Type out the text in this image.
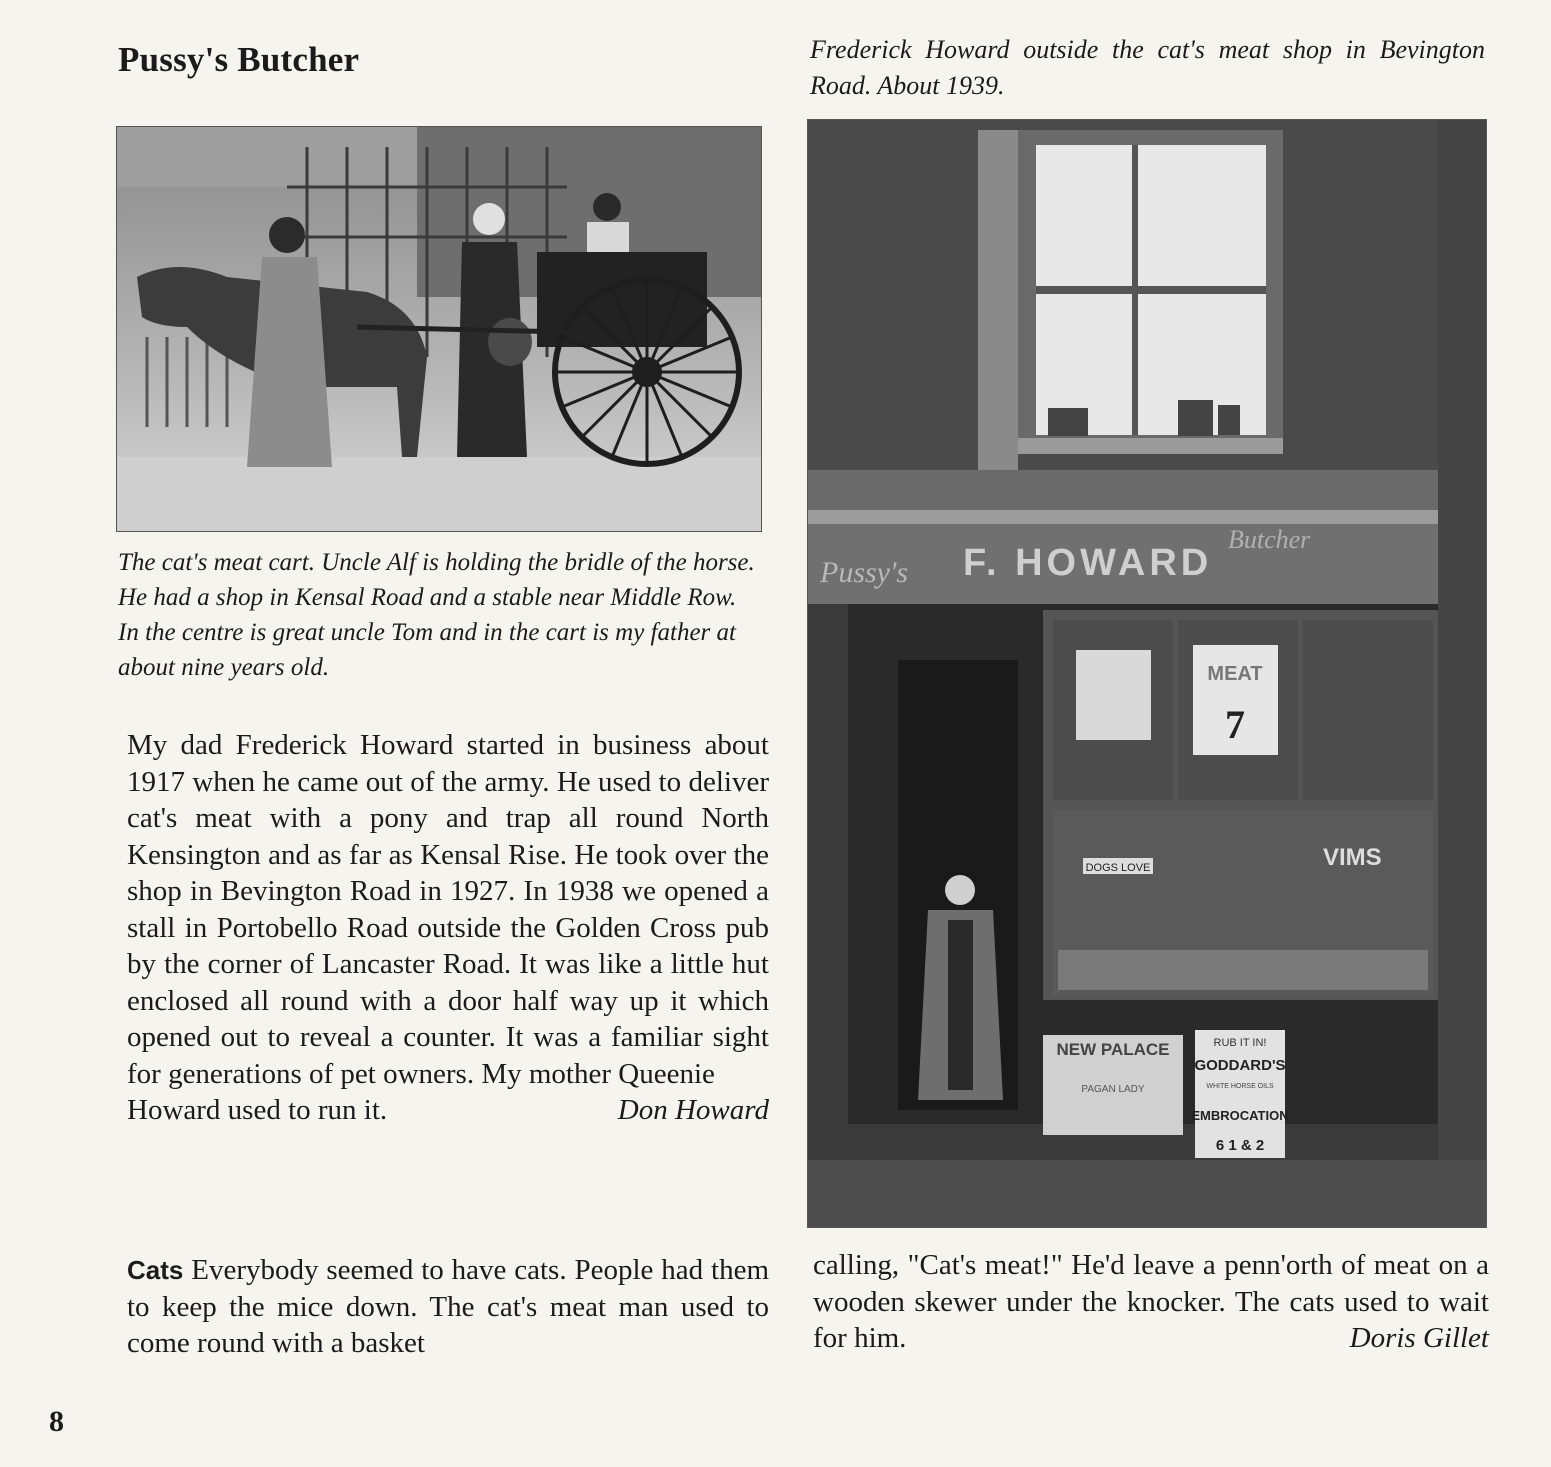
Pussy's Butcher	Frederick Howard outside the cat's meat shop in Bevington Road. About 1939.
The cat's meat cart. Uncle Alf is holding the bridle of the horse. He had a shop in Kensal Road and a stable near Middle Row. In the centre is great uncle Tom and in the cart is my father at about nine years old.
Pussy's F. HOWARD
Butcher
MEAT
7
DOGS LOVE	VIMS
NEW PALACE
PAGAN LADY
RUB IT IN!
GODDARD'S
WHITE HORSE OILS
EMBROCATION
6 1 & 2

My dad Frederick Howard started in business about 1917 when he came out of the army. He used to deliver cat's meat with a pony and trap all round North Kensington and as far as Kensal Rise. He took over the shop in Bevington Road in 1927. In 1938 we opened a stall in Portobello Road outside the Golden Cross pub by the corner of Lancaster Road. It was like a little hut enclosed all round with a door half way up it which opened out to reveal a counter. It was a familiar sight for generations of pet owners. My mother Queenie

Howard used to run it.	Don Howard
Cats Everybody seemed to have cats. People had them to keep the mice down. The cat's meat man used to come round with a basket
calling, "Cat's meat!" He'd leave a penn'orth of meat on a wooden skewer under the knocker. The cats used to wait for him.	Doris Gillet
8
